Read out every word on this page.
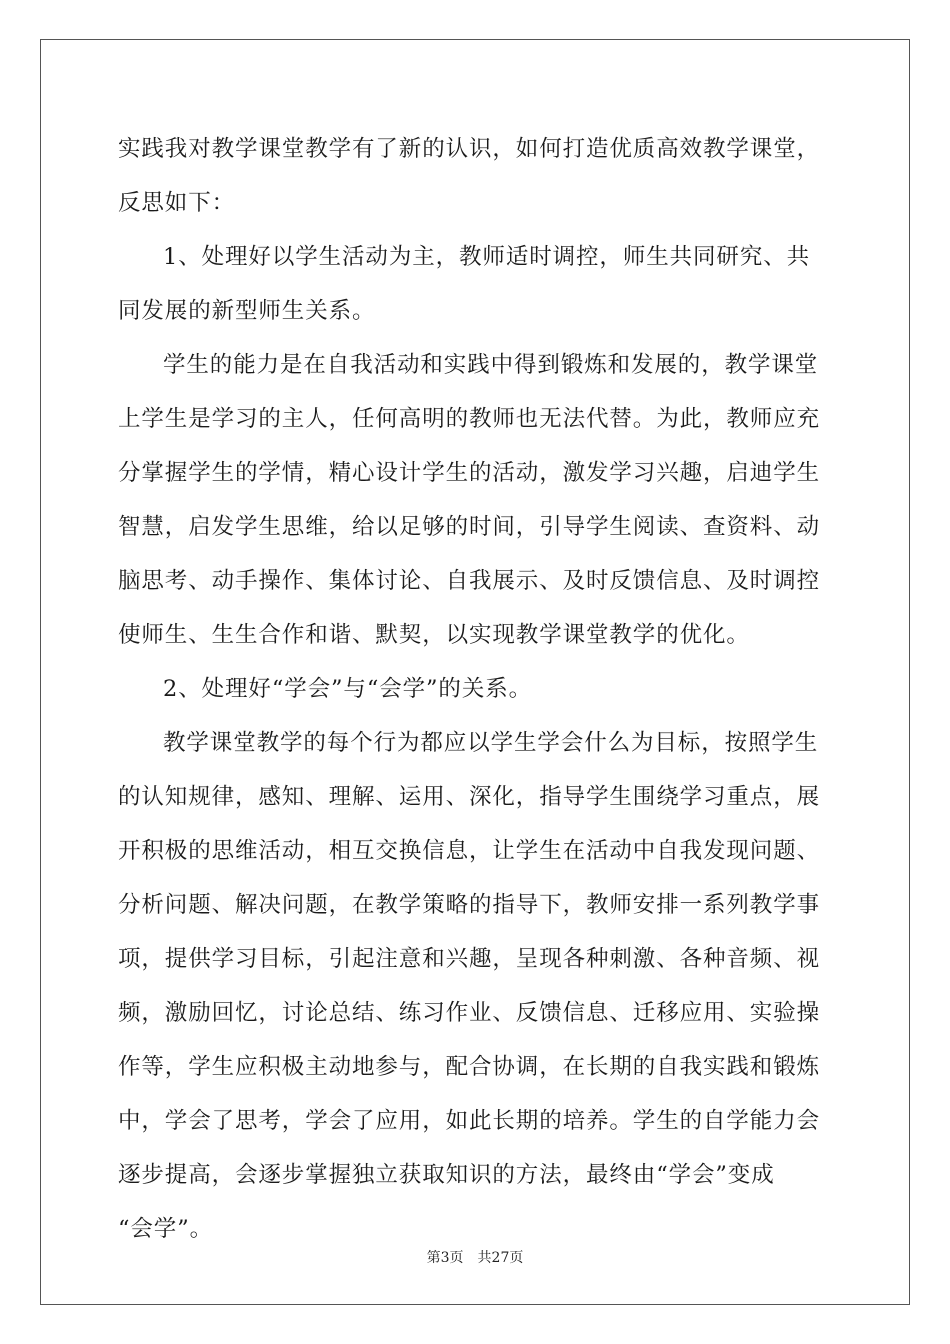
实践我对教学课堂教学有了新的认识，如何打造优质高效教学课堂，
反思如下：
1、处理好以学生活动为主，教师适时调控，师生共同研究、共
同发展的新型师生关系。
学生的能力是在自我活动和实践中得到锻炼和发展的，教学课堂
上学生是学习的主人，任何高明的教师也无法代替。为此，教师应充
分掌握学生的学情，精心设计学生的活动，激发学习兴趣，启迪学生
智慧，启发学生思维，给以足够的时间，引导学生阅读、查资料、动
脑思考、动手操作、集体讨论、自我展示、及时反馈信息、及时调控
使师生、生生合作和谐、默契，以实现教学课堂教学的优化。
2、处理好“学会”与“会学”的关系。
教学课堂教学的每个行为都应以学生学会什么为目标，按照学生
的认知规律，感知、理解、运用、深化，指导学生围绕学习重点，展
开积极的思维活动，相互交换信息，让学生在活动中自我发现问题、
分析问题、解决问题，在教学策略的指导下，教师安排一系列教学事
项，提供学习目标，引起注意和兴趣，呈现各种刺激、各种音频、视
频，激励回忆，讨论总结、练习作业、反馈信息、迁移应用、实验操
作等，学生应积极主动地参与，配合协调，在长期的自我实践和锻炼
中，学会了思考，学会了应用，如此长期的培养。学生的自学能力会
逐步提高，会逐步掌握独立获取知识的方法，最终由“学会”变成
“会学”。
第3页 共27页
